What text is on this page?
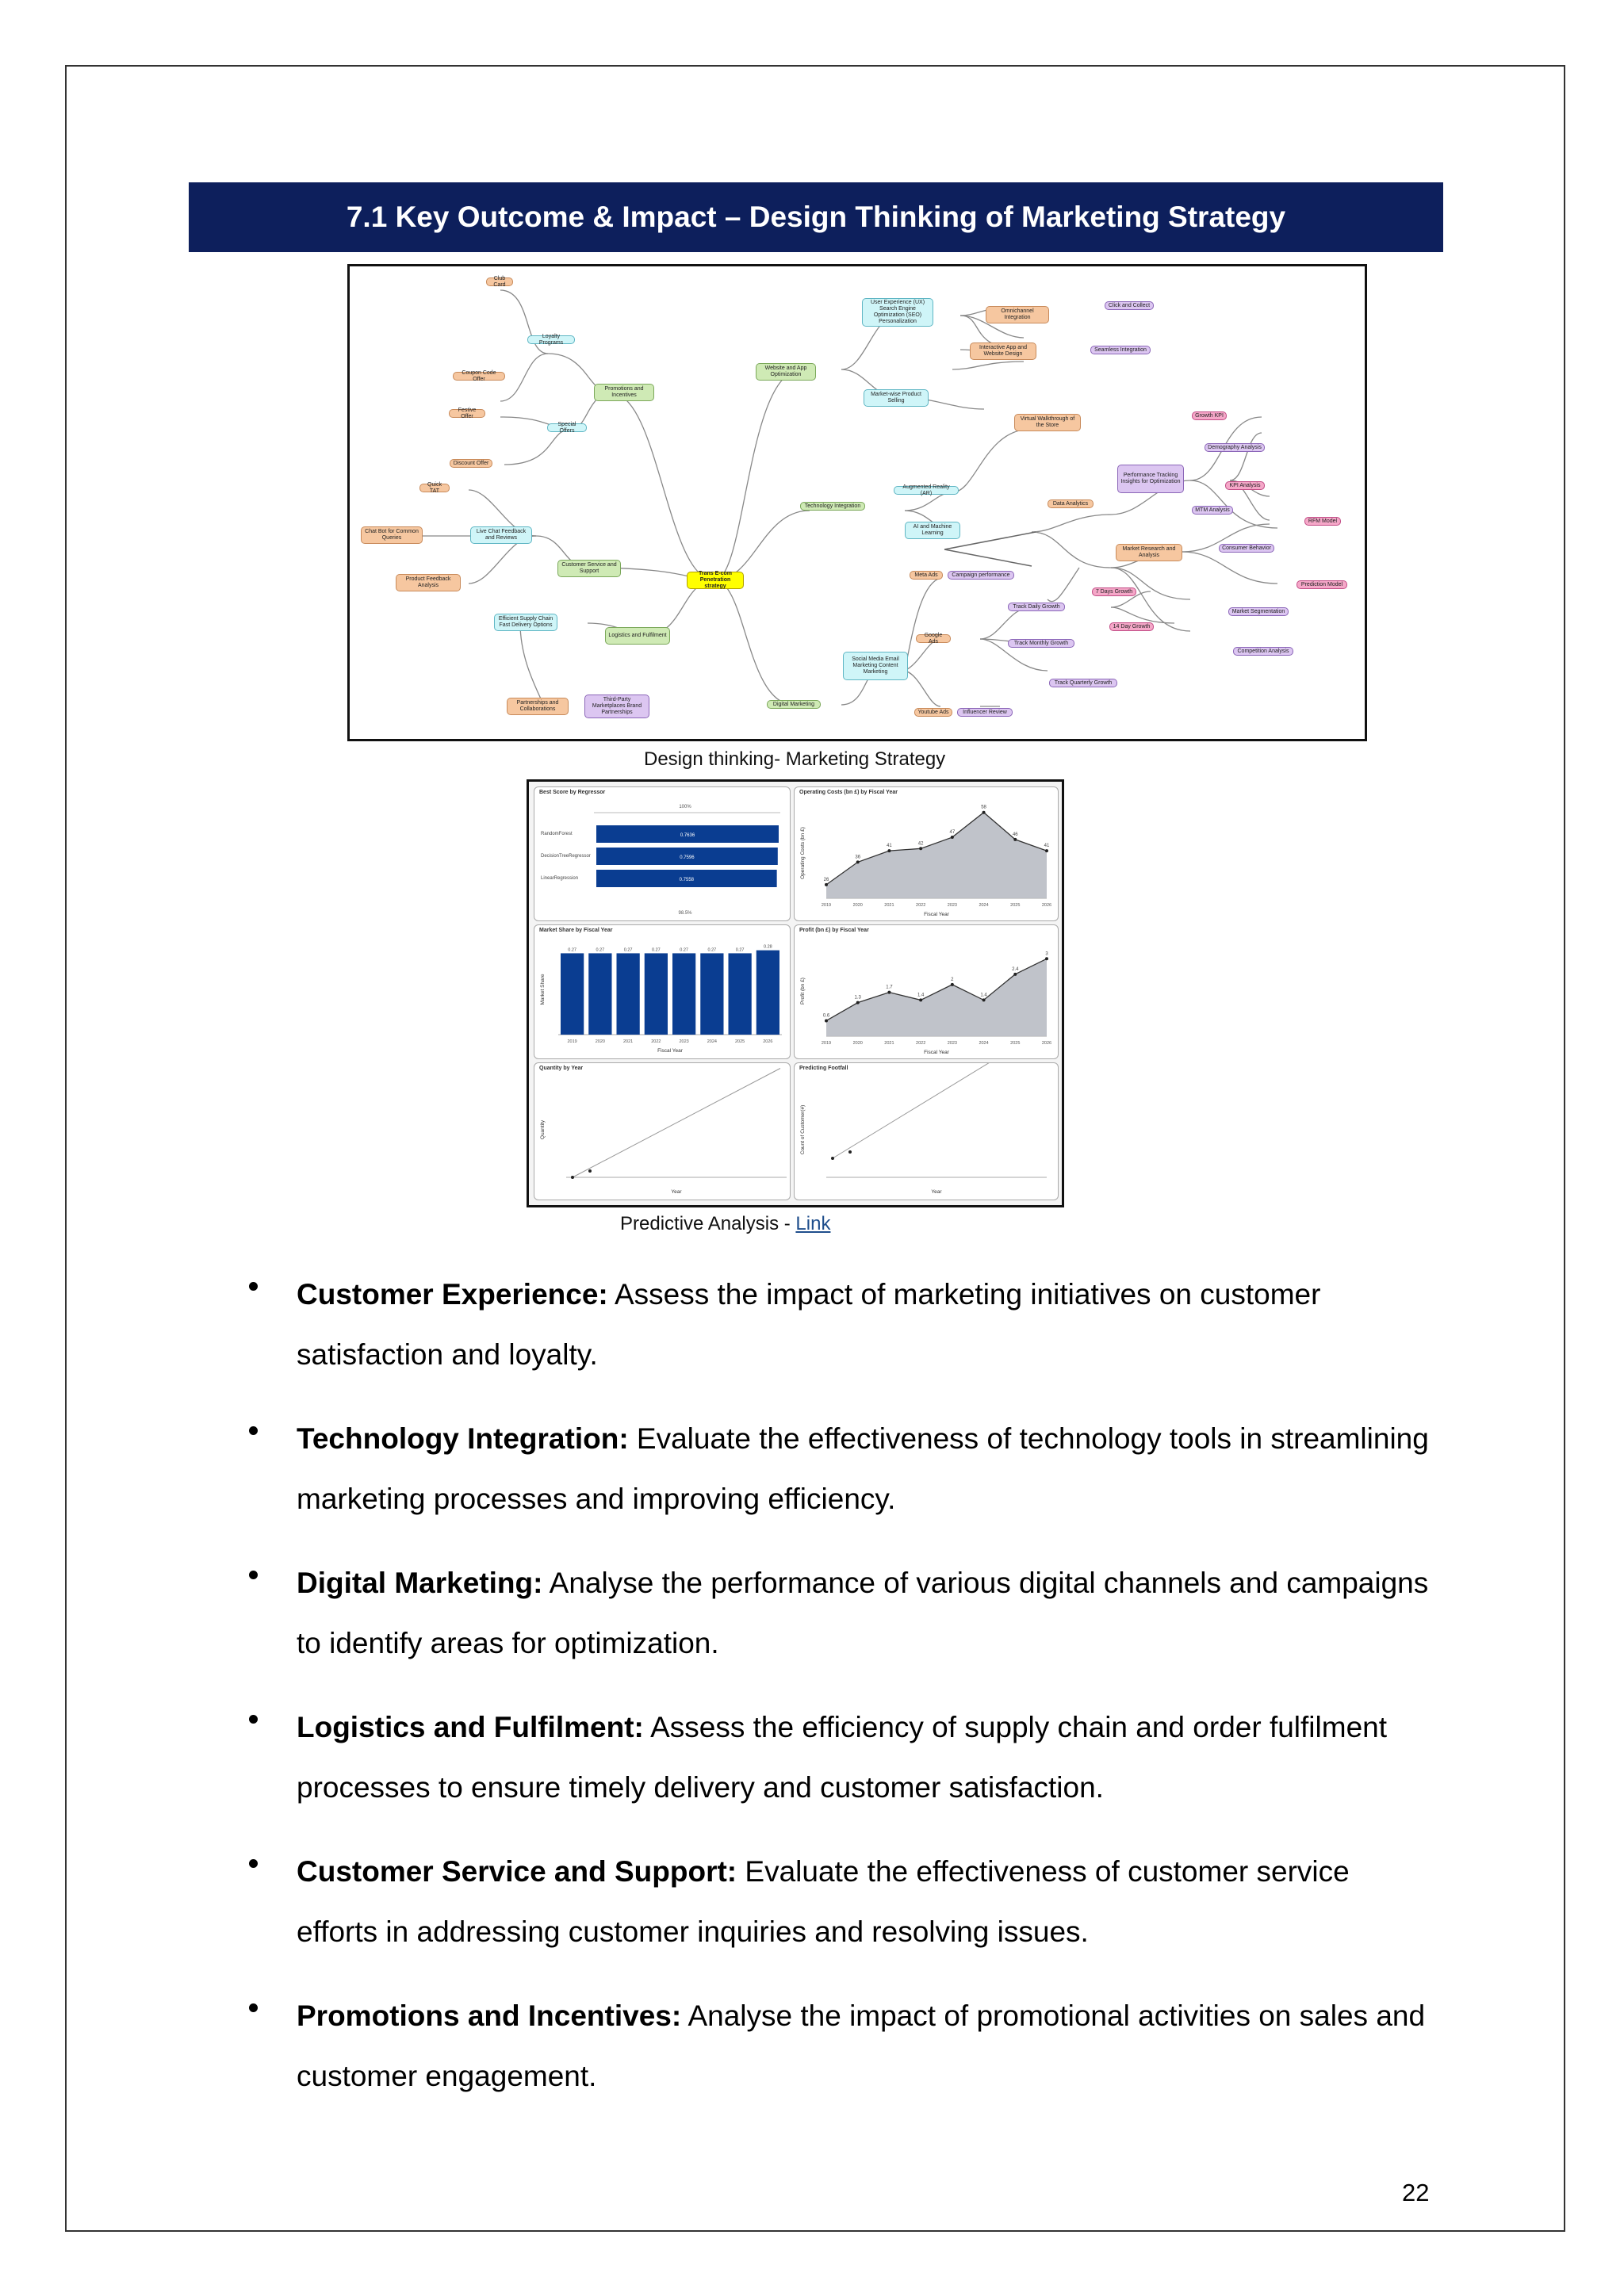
7.1 Key Outcome & Impact – Design Thinking of Marketing Strategy
Trans E-com Penetration strategy
Club Card
Loyalty Programs
Coupon Code Offer
Promotions and Incentives
Festive Offer
Special Offers
Discount Offer
Quick TAT
Chat Bot for Common Queries
Live Chat Feedback and Reviews
Product Feedback Analysis
Customer Service and Support
Efficient Supply Chain Fast Delivery Options
Logistics and Fulfilment
Partnerships and Collaborations
Third-Party Marketplaces Brand Partnerships
Website and App Optimization
User Experience (UX) Search Engine Optimization (SEO) Personalization
Omnichannel Integration
Click and Collect
Interactive App and Website Design
Seamless Integration
Market-wise Product Selling
Technology Integration
Virtual Walkthrough of the Store
Augmented Reality (AR)
AI and Machine Learning
Data Analytics
Performance Tracking Insights for Optimization
Growth KPI
Demography Analysis
KPI Analysis
MTM Analysis
Market Research and Analysis
Consumer Behavior
RFM Model
Prediction Model
Market Segmentation
Competition Analysis
Meta Ads	Campaign performance
Track Daily Growth
7 Days Growth
14 Day Growth
Google Ads	Track Monthly Growth
Social Media Email Marketing Content Marketing
Track Quarterly Growth
Digital Marketing
Youtube Ads	Influencer Review
Design thinking- Marketing Strategy
Best Score by Regressor
100%
RandomForest	0.7636
DecisionTreeRegressor	0.7596
LinearRegression	0.7558
98.5%
Operating Costs (bn £) by Fiscal Year
26
2019
36
2020
41
2021
42
2022
47
2023
58
2024
46
2025
41
2026
Fiscal Year
Operating Costs (bn £)
Market Share by Fiscal Year
0.27
2019
0.27
2020
0.27
2021
0.27
2022
0.27
2023
0.27
2024
0.27
2025
0.28
2026
Fiscal Year
Market Share
Profit (bn £) by Fiscal Year
0.6
2019
1.3
2020
1.7
2021
1.4
2022
2
2023
1.4
2024
2.4
2025
3
2026
Fiscal Year
Profit (bn £)
Quantity by Year
Year
Quantity
Predicting Footfall
Year
Count of Customer(#)
Predictive Analysis - Link

Customer Experience: Assess the impact of marketing initiatives on customer satisfaction and loyalty.

Technology Integration: Evaluate the effectiveness of technology tools in streamlining marketing processes and improving efficiency.

Digital Marketing: Analyse the performance of various digital channels and campaigns to identify areas for optimization.

Logistics and Fulfilment: Assess the efficiency of supply chain and order fulfilment processes to ensure timely delivery and customer satisfaction.

Customer Service and Support: Evaluate the effectiveness of customer service efforts in addressing customer inquiries and resolving issues.

Promotions and Incentives: Analyse the impact of promotional activities on sales and customer engagement.

22
